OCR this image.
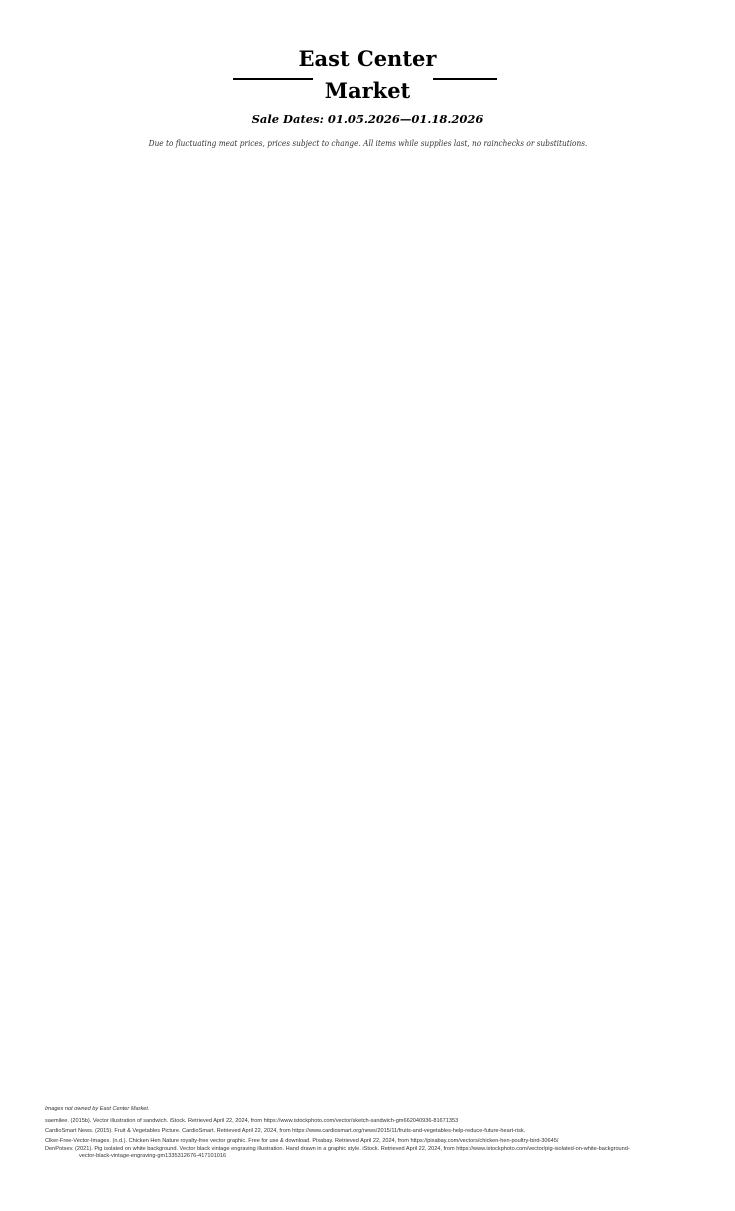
East Center
Market
Sale Dates: 01.05.2026—01.18.2026
Due to fluctuating meat prices, prices subject to change. All items while supplies last, no rainchecks or substitutions.
Images not owned by East Center Market.
saemilee. (2015b). Vector illustration of sandwich. iStock. Retrieved April 22, 2024, from https://www.istockphoto.com/vector/sketch-sandwich-gm662040936-81671353
CardioSmart News. (2015). Fruit & Vegetables Picture. CardioSmart. Retrieved April 22, 2024, from https://www.cardiosmart.org/news/2015/11/fruits-and-vegetables-help-reduce-future-heart-risk.
Clker-Free-Vector-Images. (n.d.). Chicken Hen Nature royalty-free vector graphic. Free for use & download. Pixabay. Retrieved April 22, 2024, from https://pixabay.com/vectors/chicken-hen-poultry-bird-30645/
DenPotsev. (2021). Pig isolated on white background. Vector black vintage engraving illustration. Hand drawn in a graphic style. iStock. Retrieved April 22, 2024, from https://www.istockphoto.com/vector/pig-isolated-on-white-background-
vector-black-vintage-engraving-gm1335312676-417101016
